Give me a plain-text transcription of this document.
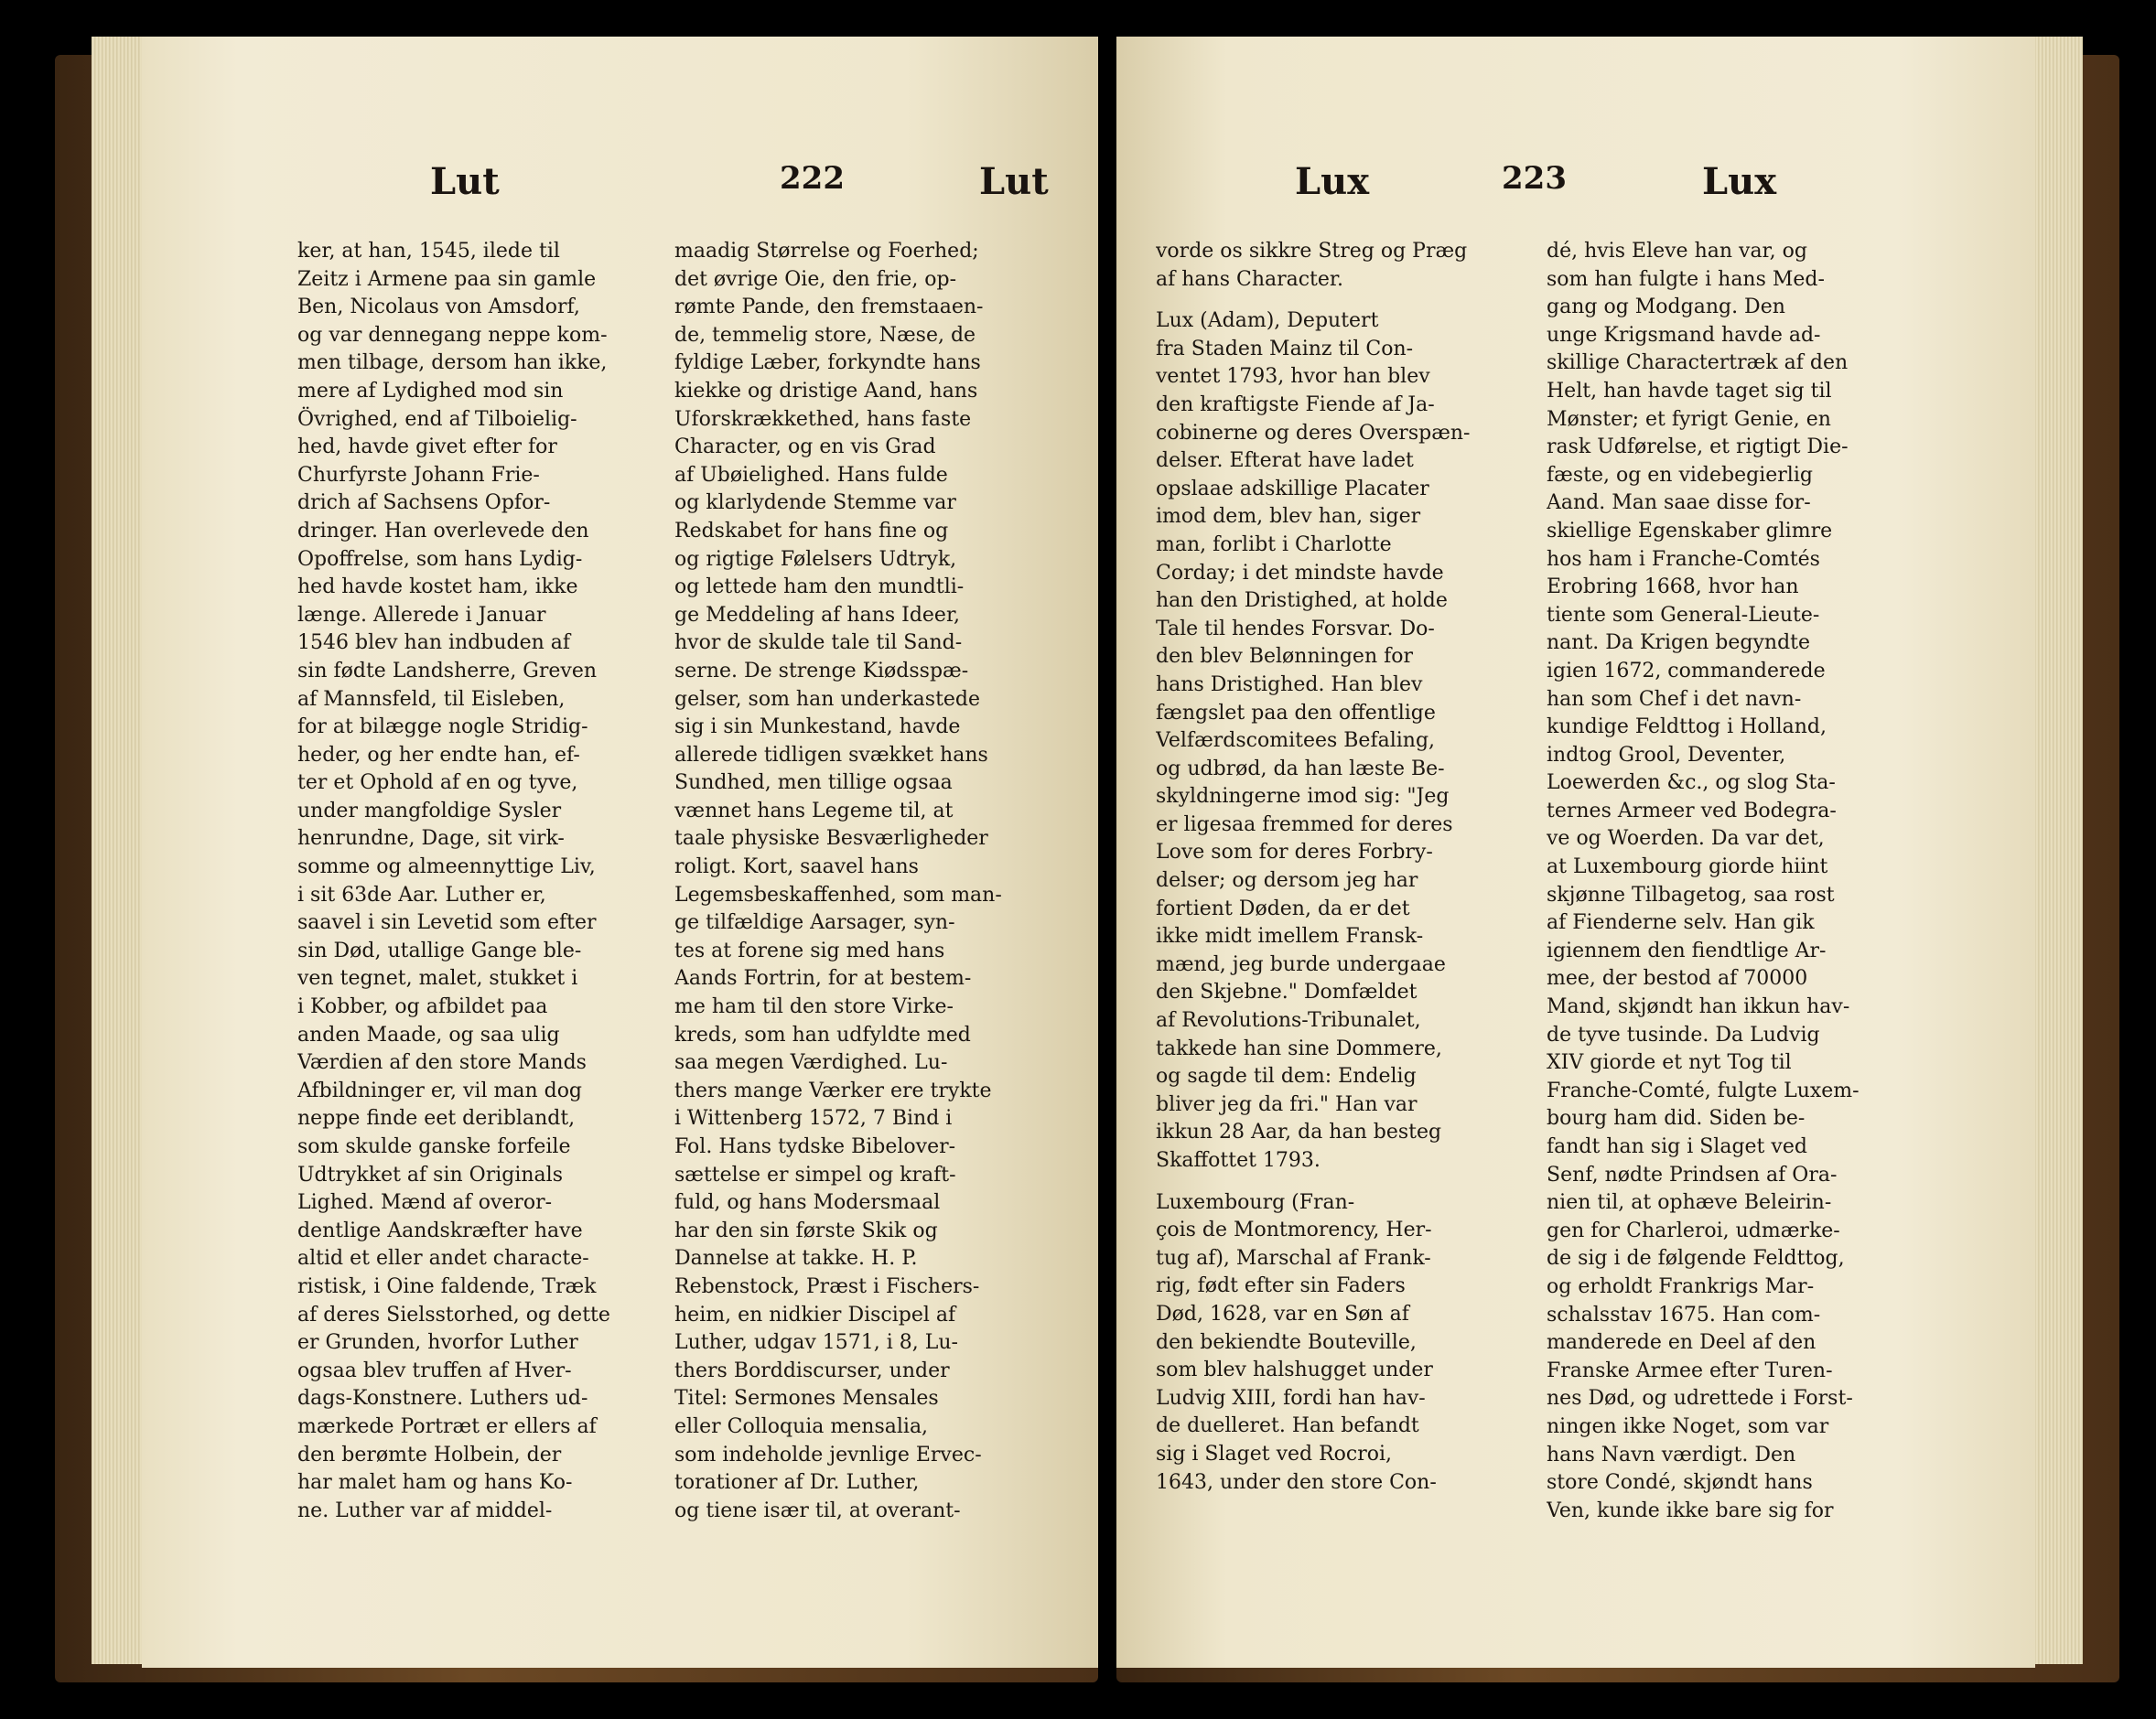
Lut	222	Lut
ker, at han, 1545, ilede til
Zeitz i Armene paa sin gamle
Ben, Nicolaus von Amsdorf,
og var dennegang neppe kom-
men tilbage, dersom han ikke,
mere af Lydighed mod sin
Övrighed, end af Tilboielig-
hed, havde givet efter for
Churfyrste Johann Frie-
drich af Sachsens Opfor-
dringer. Han overlevede den
Opoffrelse, som hans Lydig-
hed havde kostet ham, ikke
længe. Allerede i Januar
1546 blev han indbuden af
sin fødte Landsherre, Greven
af Mannsfeld, til Eisleben,
for at bilægge nogle Stridig-
heder, og her endte han, ef-
ter et Ophold af en og tyve,
under mangfoldige Sysler
henrundne, Dage, sit virk-
somme og almeennyttige Liv,
i sit 63de Aar. Luther er,
saavel i sin Levetid som efter
sin Død, utallige Gange ble-
ven tegnet, malet, stukket i
i Kobber, og afbildet paa
anden Maade, og saa ulig
Værdien af den store Mands
Afbildninger er, vil man dog
neppe finde eet deriblandt,
som skulde ganske forfeile
Udtrykket af sin Originals
Lighed. Mænd af overor-
dentlige Aandskræfter have
altid et eller andet characte-
ristisk, i Oine faldende, Træk
af deres Sielsstorhed, og dette
er Grunden, hvorfor Luther
ogsaa blev truffen af Hver-
dags-Konstnere. Luthers ud-
mærkede Portræt er ellers af
den berømte Holbein, der
har malet ham og hans Ko-
ne. Luther var af middel-
maadig Størrelse og Foerhed;
det øvrige Oie, den frie, op-
rømte Pande, den fremstaaen-
de, temmelig store, Næse, de
fyldige Læber, forkyndte hans
kiekke og dristige Aand, hans
Uforskrækkethed, hans faste
Character, og en vis Grad
af Ubøielighed. Hans fulde
og klarlydende Stemme var
Redskabet for hans fine og
og rigtige Følelsers Udtryk,
og lettede ham den mundtli-
ge Meddeling af hans Ideer,
hvor de skulde tale til Sand-
serne. De strenge Kiødsspæ-
gelser, som han underkastede
sig i sin Munkestand, havde
allerede tidligen svækket hans
Sundhed, men tillige ogsaa
vænnet hans Legeme til, at
taale physiske Besværligheder
roligt. Kort, saavel hans
Legemsbeskaffenhed, som man-
ge tilfældige Aarsager, syn-
tes at forene sig med hans
Aands Fortrin, for at bestem-
me ham til den store Virke-
kreds, som han udfyldte med
saa megen Værdighed. Lu-
thers mange Værker ere trykte
i Wittenberg 1572, 7 Bind i
Fol. Hans tydske Bibelover-
sættelse er simpel og kraft-
fuld, og hans Modersmaal
har den sin første Skik og
Dannelse at takke. H. P.
Rebenstock, Præst i Fischers-
heim, en nidkier Discipel af
Luther, udgav 1571, i 8, Lu-
thers Borddiscurser, under
Titel: Sermones Mensales
eller Colloquia mensalia,
som indeholde jevnlige Ervec-
torationer af Dr. Luther,
og tiene især til, at overant-
Lux	223	Lux
vorde os sikkre Streg og Præg
af hans Character.
Lux (Adam), Deputert
fra Staden Mainz til Con-
ventet 1793, hvor han blev
den kraftigste Fiende af Ja-
cobinerne og deres Overspæn-
delser. Efterat have ladet
opslaae adskillige Placater
imod dem, blev han, siger
man, forlibt i Charlotte
Corday; i det mindste havde
han den Dristighed, at holde
Tale til hendes Forsvar. Do-
den blev Belønningen for
hans Dristighed. Han blev
fængslet paa den offentlige
Velfærdscomitees Befaling,
og udbrød, da han læste Be-
skyldningerne imod sig: "Jeg
er ligesaa fremmed for deres
Love som for deres Forbry-
delser; og dersom jeg har
fortient Døden, da er det
ikke midt imellem Fransk-
mænd, jeg burde undergaae
den Skjebne." Domfældet
af Revolutions-Tribunalet,
takkede han sine Dommere,
og sagde til dem: Endelig
bliver jeg da fri." Han var
ikkun 28 Aar, da han besteg
Skaffottet 1793.
Luxembourg (Fran-
çois de Montmorency, Her-
tug af), Marschal af Frank-
rig, født efter sin Faders
Død, 1628, var en Søn af
den bekiendte Bouteville,
som blev halshugget under
Ludvig XIII, fordi han hav-
de duelleret. Han befandt
sig i Slaget ved Rocroi,
1643, under den store Con-
dé, hvis Eleve han var, og
som han fulgte i hans Med-
gang og Modgang. Den
unge Krigsmand havde ad-
skillige Charactertræk af den
Helt, han havde taget sig til
Mønster; et fyrigt Genie, en
rask Udførelse, et rigtigt Die-
fæste, og en videbegierlig
Aand. Man saae disse for-
skiellige Egenskaber glimre
hos ham i Franche-Comtés
Erobring 1668, hvor han
tiente som General-Lieute-
nant. Da Krigen begyndte
igien 1672, commanderede
han som Chef i det navn-
kundige Feldttog i Holland,
indtog Grool, Deventer,
Loewerden &c., og slog Sta-
ternes Armeer ved Bodegra-
ve og Woerden. Da var det,
at Luxembourg giorde hiint
skjønne Tilbagetog, saa rost
af Fienderne selv. Han gik
igiennem den fiendtlige Ar-
mee, der bestod af 70000
Mand, skjøndt han ikkun hav-
de tyve tusinde. Da Ludvig
XIV giorde et nyt Tog til
Franche-Comté, fulgte Luxem-
bourg ham did. Siden be-
fandt han sig i Slaget ved
Senf, nødte Prindsen af Ora-
nien til, at ophæve Beleirin-
gen for Charleroi, udmærke-
de sig i de følgende Feldttog,
og erholdt Frankrigs Mar-
schalsstav 1675. Han com-
manderede en Deel af den
Franske Armee efter Turen-
nes Død, og udrettede i Forst-
ningen ikke Noget, som var
hans Navn værdigt. Den
store Condé, skjøndt hans
Ven, kunde ikke bare sig for
